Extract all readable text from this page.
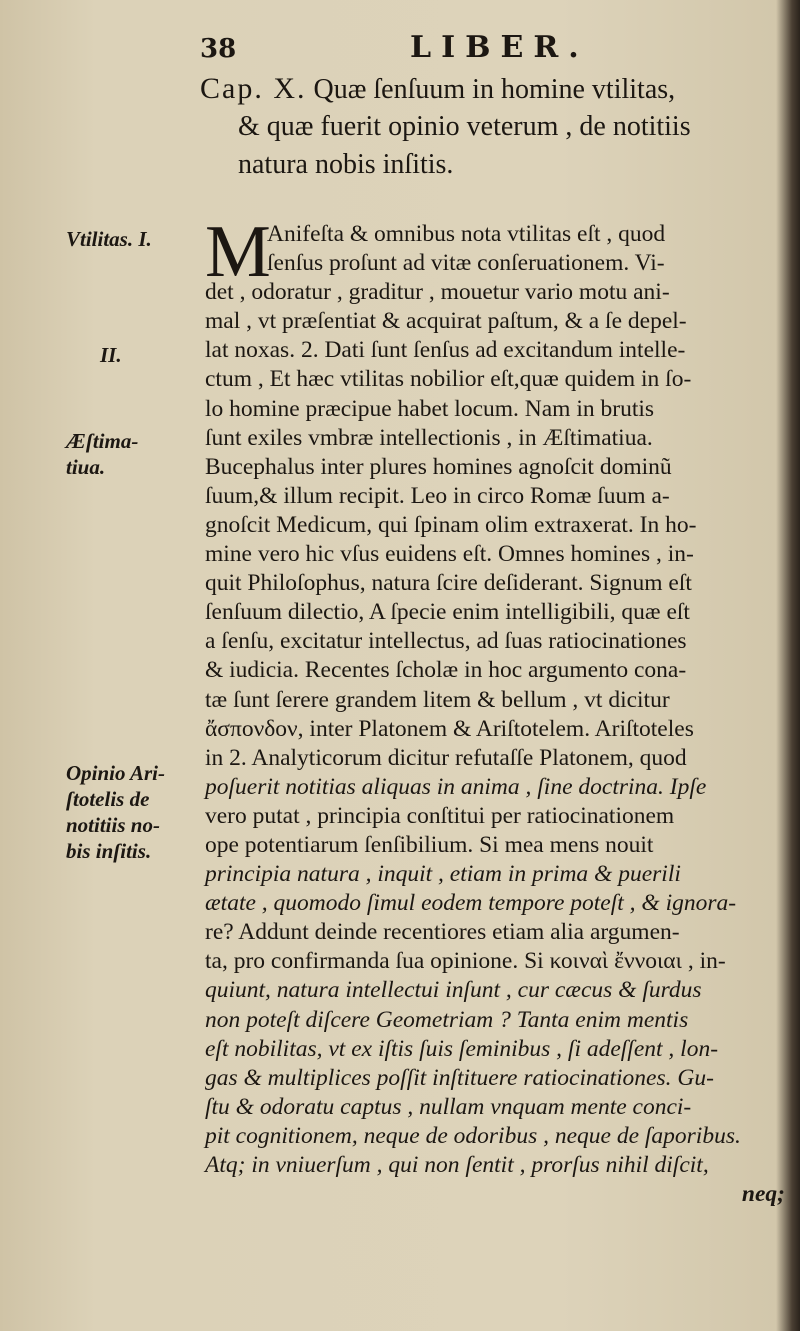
38	LIBER.
Cap. X. Quæ ſenſuum in homine vtilitas,
& quæ fuerit opinio veterum , de notitiis
natura nobis inſitis.
Vtilitas. I.
II.
Æſtima-
tiua.
Opinio Ari-
ſtotelis de
notitiis no-
bis inſitis.
M
Anifeſta & omnibus nota vtilitas eſt , quod
ſenſus proſunt ad vitæ conſeruationem. Vi-
det , odoratur , graditur , mouetur vario motu ani-
mal , vt præſentiat & acquirat paſtum, & a ſe depel-
lat noxas. 2. Dati ſunt ſenſus ad excitandum intelle-
ctum , Et hæc vtilitas nobilior eſt,quæ quidem in ſo-
lo homine præcipue habet locum. Nam in brutis
ſunt exiles vmbræ intellectionis , in Æſtimatiua.
Bucephalus inter plures homines agnoſcit dominũ
ſuum,& illum recipit. Leo in circo Romæ ſuum a-
gnoſcit Medicum, qui ſpinam olim extraxerat. In ho-
mine vero hic vſus euidens eſt. Omnes homines , in-
quit Philoſophus, natura ſcire deſiderant. Signum eſt
ſenſuum dilectio, A ſpecie enim intelligibili, quæ eſt
a ſenſu, excitatur intellectus, ad ſuas ratiocinationes
& iudicia. Recentes ſcholæ in hoc argumento cona-
tæ ſunt ſerere grandem litem & bellum , vt dicitur
ἄσπονδον, inter Platonem & Ariſtotelem. Ariſtoteles
in 2. Analyticorum dicitur refutaſſe Platonem, quod
poſuerit notitias aliquas in anima , ſine doctrina. Ipſe
vero putat , principia conſtitui per ratiocinationem
ope potentiarum ſenſibilium. Si mea mens nouit
principia natura , inquit , etiam in prima & puerili
ætate , quomodo ſimul eodem tempore poteſt , & ignora-
re? Addunt deinde recentiores etiam alia argumen-
ta, pro confirmanda ſua opinione. Si κοιναὶ ἔννοιαι , in-
quiunt, natura intellectui inſunt , cur cæcus & ſurdus
non poteſt diſcere Geometriam ? Tanta enim mentis
eſt nobilitas, vt ex iſtis ſuis ſeminibus , ſi adeſſent , lon-
gas & multiplices poſſit inſtituere ratiocinationes. Gu-
ſtu & odoratu captus , nullam vnquam mente conci-
pit cognitionem, neque de odoribus , neque de ſaporibus.
Atq; in vniuerſum , qui non ſentit , prorſus nihil diſcit,
neq;
